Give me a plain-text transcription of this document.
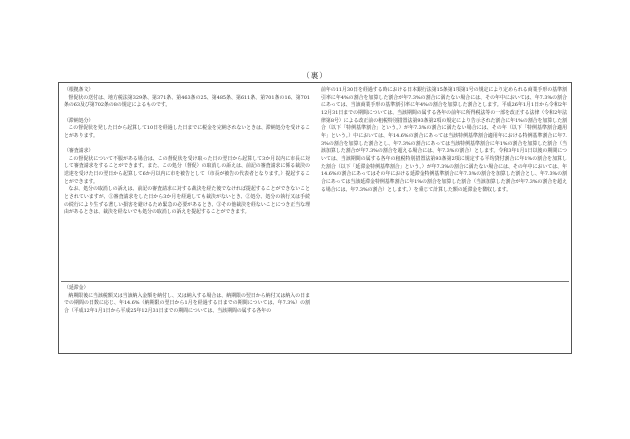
（裏）

（根拠条文）

督促状の送付は、地方税法第329条、第371条、第463条の25、第485条、第611条、第701条の16、第701条の63及び第702条の8の規定によるものです。

（滞納処分）

この督促状を発した日から起算して10日を経過した日までに税金を完納されないときは、滞納処分を受けることがあります。

（審査請求）

この督促状について不服がある場合は、この督促状を受け取った日の翌日から起算して3か月以内に市長に対して審査請求をすることができます。また、この処分（督促）の取消しの訴えは、前記の審査請求に係る裁決の送達を受けた日の翌日から起算して6か月以内に市を被告として（市長が被告の代表者となります。）提起することができます。

なお、処分の取消しの訴えは、前記の審査請求に対する裁決を経た後でなければ提起することができないこととされていますが、①審査請求をした日から3か月を経過しても裁決がないとき、②処分、処分の執行又は手続の続行により生ずる著しい損害を避けるため緊急の必要があるとき、③その他裁決を経ないことにつき正当な理由があるときは、裁決を経ないでも処分の取消しの訴えを提起することができます。

（延滞金）

納期限後に当該税額又は当該納入金額を納付し、又は納入する場合は、納期限の翌日から納付又は納入の日までの期間の日数に応じ、年14.6%（納期限の翌日から1月を経過する日までの期間については、年7.3%）の割合（平成12年1月1日から平成25年12月31日までの期間については、当該期間の属する各年の

前年の11月30日を経過する時における日本銀行法第15条第1項第1号の規定により定められる商業手形の基準割引率に年4%の割合を加算した割合が年7.3%の割合に満たない場合には、その年中においては、年7.3%の割合にあっては、当該商業手形の基準割引率に年4%の割合を加算した割合とします。平成26年1月1日から令和2年12月31日までの期間については、当該期間の属する各年の前年に所得税法等の一部を改正する法律（令和2年法律第8号）による改正前の租税特別措置法第93条第2項の規定により告示された割合に年1%の割合を加算した割合（以下「特例基準割合」という。）が年7.3%の割合に満たない場合には、その年（以下「特例基準割合適用年」という。）中においては、年14.6%の割合にあっては当該特例基準割合適用年における特例基準割合に年7.3%の割合を加算した割合とし、年7.3%の割合にあっては当該特例基準割合に年1%の割合を加算した割合（当該加算した割合が年7.3%の割合を超える場合には、年7.3%の割合）とします。令和3年1月1日以後の期間については、当該期間の属する各年の租税特別措置法第93条第2項に規定する平均貸付割合に年1%の割合を加算した割合（以下「延滞金特例基準割合」という。）が年7.3%の割合に満たない場合には、その年中においては、年14.6%の割合にあってはその年における延滞金特例基準割合に年7.3%の割合を加算した割合とし、年7.3%の割合にあっては当該延滞金特例基準割合に年1%の割合を加算した割合（当該加算した割合が年7.3%の割合を超える場合には、年7.3%の割合）とします。）を乗じて計算した額の延滞金を徴収します。
